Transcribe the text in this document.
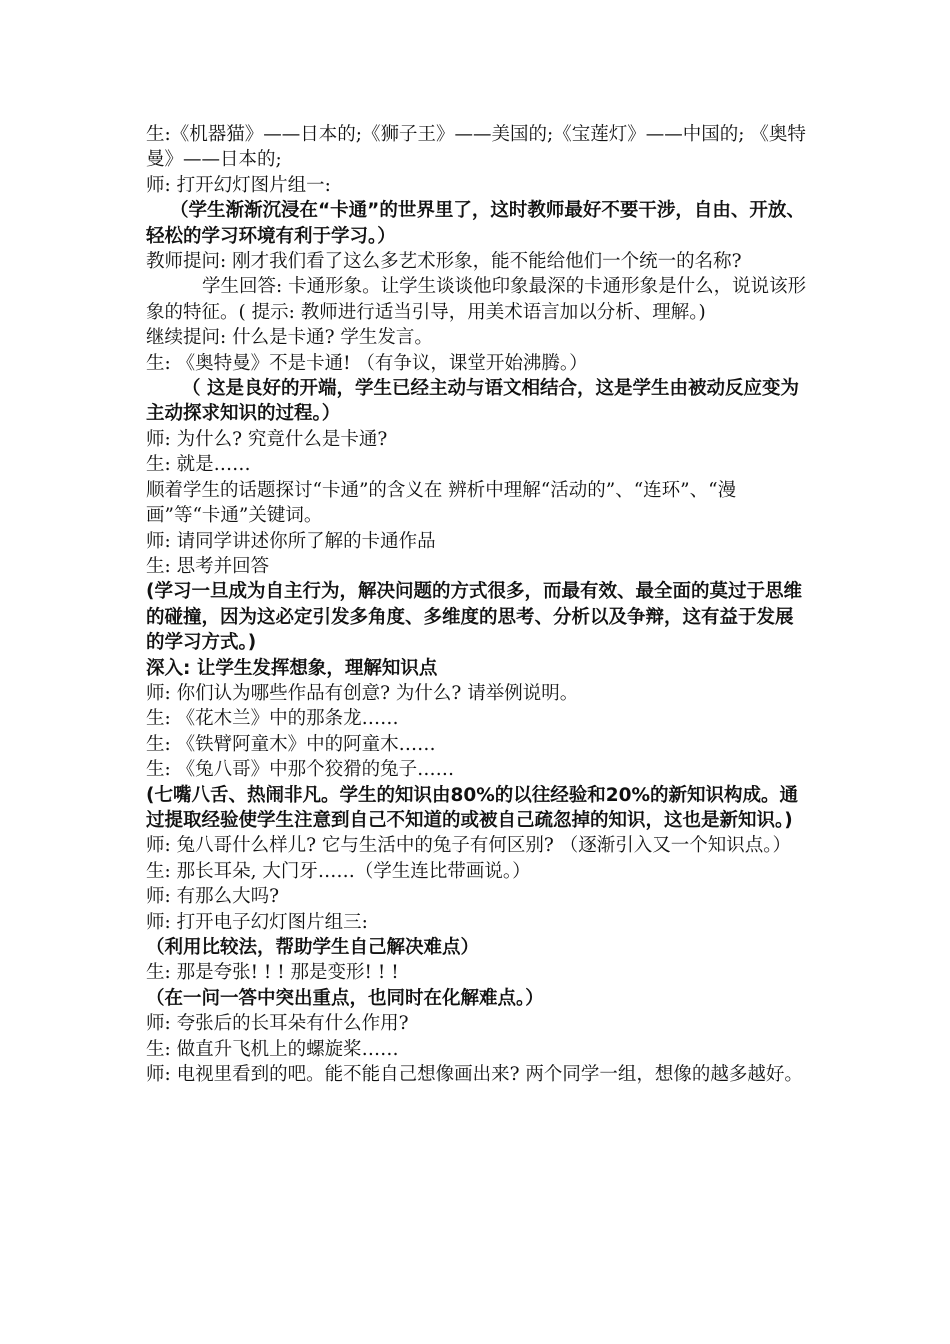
生:《机器猫》——日本的;《狮子王》——美国的;《宝莲灯》——中国的; 《奥特曼》——日本的;
师: 打开幻灯图片组一:
（学生渐渐沉浸在“卡通”的世界里了，这时教师最好不要干涉，自由、开放、轻松的学习环境有利于学习。）
教师提问: 刚才我们看了这么多艺术形象，能不能给他们一个统一的名称?
学生回答: 卡通形象。让学生谈谈他印象最深的卡通形象是什么，说说该形象的特征。( 提示: 教师进行适当引导，用美术语言加以分析、理解。)
继续提问: 什么是卡通? 学生发言。
生: 《奥特曼》不是卡通! （有争议，课堂开始沸腾。）
（ 这是良好的开端，学生已经主动与语文相结合，这是学生由被动反应变为主动探求知识的过程。）
师: 为什么? 究竟什么是卡通?
生: 就是……
顺着学生的话题探讨“卡通”的含义在 辨析中理解“活动的”、“连环”、“漫画”等“卡通”关键词。
师: 请同学讲述你所了解的卡通作品
生: 思考并回答
(学习一旦成为自主行为，解决问题的方式很多，而最有效、最全面的莫过于思维的碰撞，因为这必定引发多角度、多维度的思考、分析以及争辩，这有益于发展的学习方式。)
深入: 让学生发挥想象，理解知识点
师: 你们认为哪些作品有创意? 为什么? 请举例说明。
生: 《花木兰》中的那条龙……
生: 《铁臂阿童木》中的阿童木……
生: 《兔八哥》中那个狡猾的兔子……
(七嘴八舌、热闹非凡。学生的知识由80%的以往经验和20%的新知识构成。通过提取经验使学生注意到自己不知道的或被自己疏忽掉的知识，这也是新知识。)
师: 兔八哥什么样儿? 它与生活中的兔子有何区别? （逐渐引入又一个知识点。）
生: 那长耳朵, 大门牙……（学生连比带画说。）
师: 有那么大吗?
师: 打开电子幻灯图片组三:
（利用比较法，帮助学生自己解决难点）
生: 那是夸张! ! ! 那是变形! ! !
（在一问一答中突出重点，也同时在化解难点。）
师: 夸张后的长耳朵有什么作用?
生: 做直升飞机上的螺旋桨……
师: 电视里看到的吧。能不能自己想像画出来? 两个同学一组，想像的越多越好。
